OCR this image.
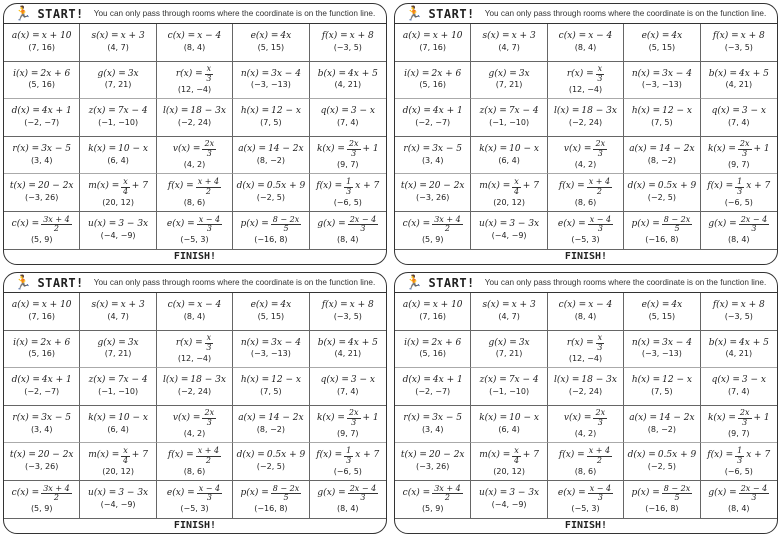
🏃 START! You can only pass through rooms where the coordinate is on the function line.
a(x) = x + 10
(7, 16)
s(x) = x + 3
(4, 7)
c(x) = x − 4
(8, 4)
e(x) = 4x
(5, 15)
f(x) = x + 8
(−3, 5)
i(x) = 2x + 6
(5, 16)
g(x) = 3x
(7, 21)
$r(x) = \frac{x}{3}$
(12, −4)
n(x) = 3x − 4
(−3, −13)
b(x) = 4x + 5
(4, 21)
d(x) = 4x + 1
(−2, −7)
z(x) = 7x − 4
(−1, −10)
l(x) = 18 − 3x
(−2, 24)
h(x) = 12 − x
(7, 5)
q(x) = 3 − x
(7, 4)
r(x) = 3x − 5
(3, 4)
k(x) = 10 − x
(6, 4)
$v(x) = \frac{2x}{3}$
(4, 2)
a(x) = 14 − 2x
(8, −2)
$k(x) = \frac{2x}{3} + 1$
(9, 7)
t(x) = 20 − 2x
(−3, 26)
$m(x) = \frac{x}{4} + 7$
(20, 12)
$f(x) = \frac{x + 4}{2}$
(8, 6)
d(x) = 0.5x + 9
(−2, 5)
$f(x) = \frac{1}{3}$ x + 7
(−6, 5)
$c(x) = \frac{3x + 4}{2}$
(5, 9)
u(x) = 3 − 3x
(−4, −9)
$e(x) = \frac{x - 4}{3}$
(−5, 3)
$p(x) = \frac{8 - 2x}{5}$
(−16, 8)
$g(x) = \frac{2x - 4}{3}$
(8, 4)
FINISH!
🏃 START! You can only pass through rooms where the coordinate is on the function line.
a(x) = x + 10
(7, 16)
s(x) = x + 3
(4, 7)
c(x) = x − 4
(8, 4)
e(x) = 4x
(5, 15)
f(x) = x + 8
(−3, 5)
i(x) = 2x + 6
(5, 16)
g(x) = 3x
(7, 21)
$r(x) = \frac{x}{3}$
(12, −4)
n(x) = 3x − 4
(−3, −13)
b(x) = 4x + 5
(4, 21)
d(x) = 4x + 1
(−2, −7)
z(x) = 7x − 4
(−1, −10)
l(x) = 18 − 3x
(−2, 24)
h(x) = 12 − x
(7, 5)
q(x) = 3 − x
(7, 4)
r(x) = 3x − 5
(3, 4)
k(x) = 10 − x
(6, 4)
$v(x) = \frac{2x}{3}$
(4, 2)
a(x) = 14 − 2x
(8, −2)
$k(x) = \frac{2x}{3} + 1$
(9, 7)
t(x) = 20 − 2x
(−3, 26)
$m(x) = \frac{x}{4} + 7$
(20, 12)
$f(x) = \frac{x + 4}{2}$
(8, 6)
d(x) = 0.5x + 9
(−2, 5)
$f(x) = \frac{1}{3}$ x + 7
(−6, 5)
$c(x) = \frac{3x + 4}{2}$
(5, 9)
u(x) = 3 − 3x
(−4, −9)
$e(x) = \frac{x - 4}{3}$
(−5, 3)
$p(x) = \frac{8 - 2x}{5}$
(−16, 8)
$g(x) = \frac{2x - 4}{3}$
(8, 4)
FINISH!
🏃 START! You can only pass through rooms where the coordinate is on the function line.
a(x) = x + 10
(7, 16)
s(x) = x + 3
(4, 7)
c(x) = x − 4
(8, 4)
e(x) = 4x
(5, 15)
f(x) = x + 8
(−3, 5)
i(x) = 2x + 6
(5, 16)
g(x) = 3x
(7, 21)
$r(x) = \frac{x}{3}$
(12, −4)
n(x) = 3x − 4
(−3, −13)
b(x) = 4x + 5
(4, 21)
d(x) = 4x + 1
(−2, −7)
z(x) = 7x − 4
(−1, −10)
l(x) = 18 − 3x
(−2, 24)
h(x) = 12 − x
(7, 5)
q(x) = 3 − x
(7, 4)
r(x) = 3x − 5
(3, 4)
k(x) = 10 − x
(6, 4)
$v(x) = \frac{2x}{3}$
(4, 2)
a(x) = 14 − 2x
(8, −2)
$k(x) = \frac{2x}{3} + 1$
(9, 7)
t(x) = 20 − 2x
(−3, 26)
$m(x) = \frac{x}{4} + 7$
(20, 12)
$f(x) = \frac{x + 4}{2}$
(8, 6)
d(x) = 0.5x + 9
(−2, 5)
$f(x) = \frac{1}{3}$ x + 7
(−6, 5)
$c(x) = \frac{3x + 4}{2}$
(5, 9)
u(x) = 3 − 3x
(−4, −9)
$e(x) = \frac{x - 4}{3}$
(−5, 3)
$p(x) = \frac{8 - 2x}{5}$
(−16, 8)
$g(x) = \frac{2x - 4}{3}$
(8, 4)
FINISH!
🏃 START! You can only pass through rooms where the coordinate is on the function line.
a(x) = x + 10
(7, 16)
s(x) = x + 3
(4, 7)
c(x) = x − 4
(8, 4)
e(x) = 4x
(5, 15)
f(x) = x + 8
(−3, 5)
i(x) = 2x + 6
(5, 16)
g(x) = 3x
(7, 21)
$r(x) = \frac{x}{3}$
(12, −4)
n(x) = 3x − 4
(−3, −13)
b(x) = 4x + 5
(4, 21)
d(x) = 4x + 1
(−2, −7)
z(x) = 7x − 4
(−1, −10)
l(x) = 18 − 3x
(−2, 24)
h(x) = 12 − x
(7, 5)
q(x) = 3 − x
(7, 4)
r(x) = 3x − 5
(3, 4)
k(x) = 10 − x
(6, 4)
$v(x) = \frac{2x}{3}$
(4, 2)
a(x) = 14 − 2x
(8, −2)
$k(x) = \frac{2x}{3} + 1$
(9, 7)
t(x) = 20 − 2x
(−3, 26)
$m(x) = \frac{x}{4} + 7$
(20, 12)
$f(x) = \frac{x + 4}{2}$
(8, 6)
d(x) = 0.5x + 9
(−2, 5)
$f(x) = \frac{1}{3}$ x + 7
(−6, 5)
$c(x) = \frac{3x + 4}{2}$
(5, 9)
u(x) = 3 − 3x
(−4, −9)
$e(x) = \frac{x - 4}{3}$
(−5, 3)
$p(x) = \frac{8 - 2x}{5}$
(−16, 8)
$g(x) = \frac{2x - 4}{3}$
(8, 4)
FINISH!
